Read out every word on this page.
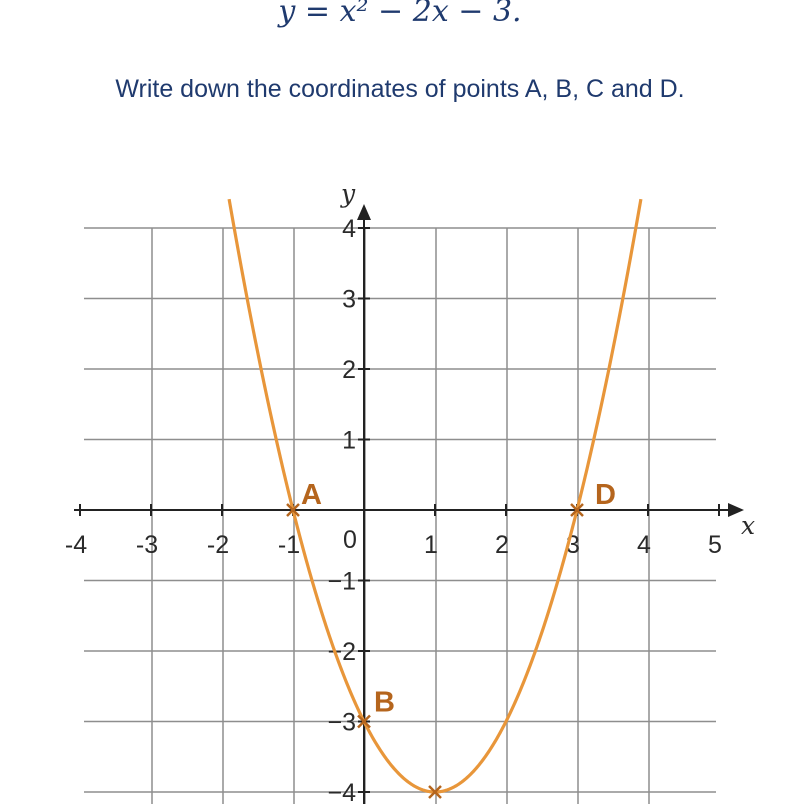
y = x² − 2x − 3.
Write down the coordinates of points A, B, C and D.
x
y
-4 -3 -2 -1 0	1 2 3 4 5
−4
−3
−2
−1
1
2
3
4
A
B
D
